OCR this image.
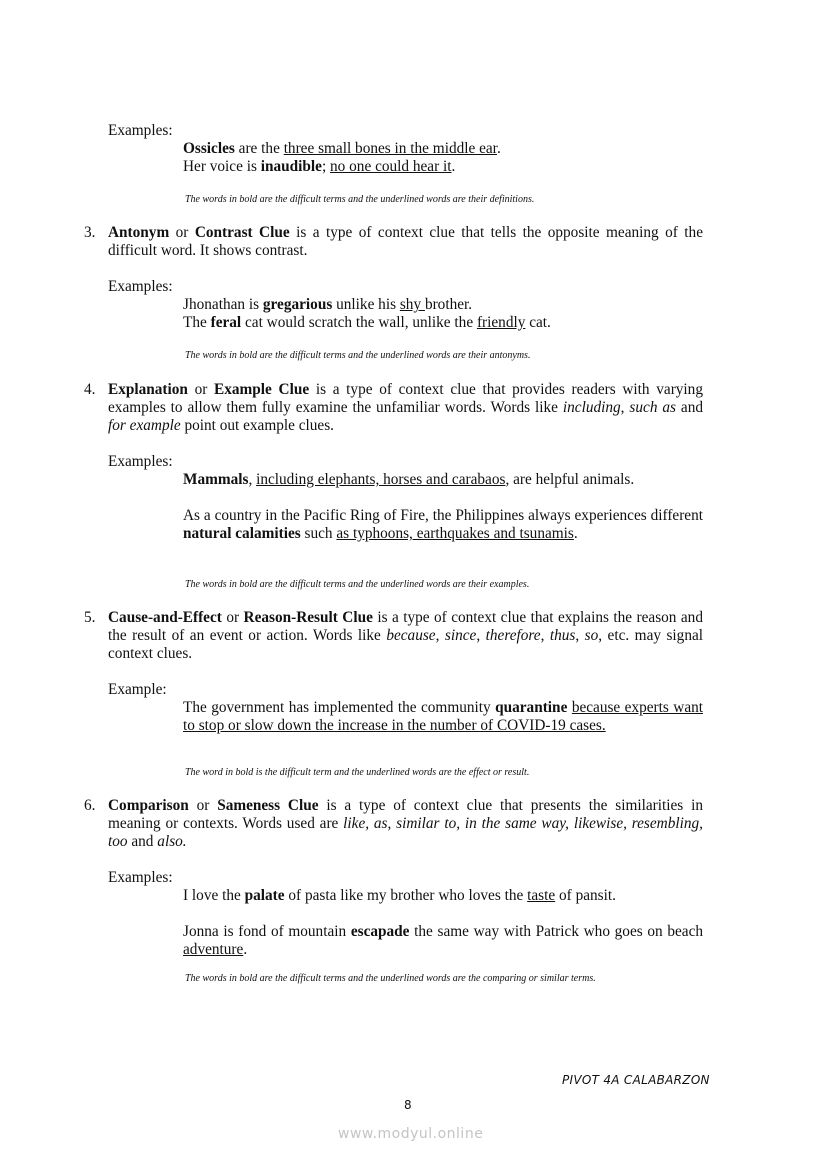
Examples:
Ossicles are the three small bones in the middle ear.
Her voice is inaudible; no one could hear it.
The words in bold are the difficult terms and the underlined words are their definitions.
3. Antonym or Contrast Clue is a type of context clue that tells the opposite meaning of the difficult word. It shows contrast.
Examples:
Jhonathan is gregarious unlike his shy brother.
The feral cat would scratch the wall, unlike the friendly cat.
The words in bold are the difficult terms and the underlined words are their antonyms.
4. Explanation or Example Clue is a type of context clue that provides readers with varying examples to allow them fully examine the unfamiliar words. Words like including, such as and for example point out example clues.
Examples:
Mammals, including elephants, horses and carabaos, are helpful animals.
As a country in the Pacific Ring of Fire, the Philippines always experiences different natural calamities such as typhoons, earthquakes and tsunamis.
The words in bold are the difficult terms and the underlined words are their examples.
5. Cause-and-Effect or Reason-Result Clue is a type of context clue that explains the reason and the result of an event or action. Words like because, since, therefore, thus, so, etc. may signal context clues.
Example:
The government has implemented the community quarantine because experts want to stop or slow down the increase in the number of COVID-19 cases.
The word in bold is the difficult term and the underlined words are the effect or result.
6. Comparison or Sameness Clue is a type of context clue that presents the similarities in meaning or contexts. Words used are like, as, similar to, in the same way, likewise, resembling, too and also.
Examples:
I love the palate of pasta like my brother who loves the taste of pansit.
Jonna is fond of mountain escapade the same way with Patrick who goes on beach adventure.
The words in bold are the difficult terms and the underlined words are the comparing or similar terms.
PIVOT 4A CALABARZON
8
www.modyul.online
